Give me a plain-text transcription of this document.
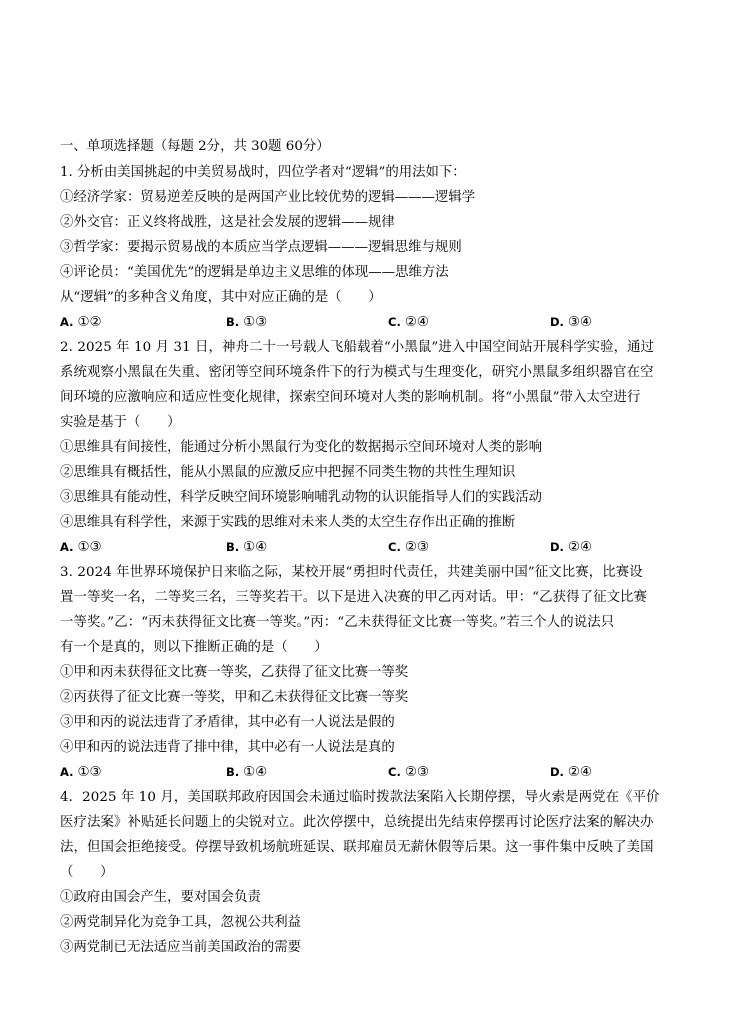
一、单项选择题（每题 2分，共 30题 60分）
1. 分析由美国挑起的中美贸易战时，四位学者对“逻辑”的用法如下：
①经济学家：贸易逆差反映的是两国产业比较优势的逻辑———逻辑学
②外交官：正义终将战胜，这是社会发展的逻辑——规律
③哲学家：要揭示贸易战的本质应当学点逻辑———逻辑思维与规则
④评论员：“美国优先”的逻辑是单边主义思维的体现——思维方法
从“逻辑”的多种含义角度，其中对应正确的是（　　）
A. ①②	B. ①③	C. ②④	D. ③④
2. 2025 年 10 月 31 日，神舟二十一号载人飞船载着“小黑鼠”进入中国空间站开展科学实验，通过
系统观察小黑鼠在失重、密闭等空间环境条件下的行为模式与生理变化，研究小黑鼠多组织器官在空
间环境的应激响应和适应性变化规律，探索空间环境对人类的影响机制。将“小黑鼠”带入太空进行
实验是基于（　　）
①思维具有间接性，能通过分析小黑鼠行为变化的数据揭示空间环境对人类的影响
②思维具有概括性，能从小黑鼠的应激反应中把握不同类生物的共性生理知识
③思维具有能动性，科学反映空间环境影响哺乳动物的认识能指导人们的实践活动
④思维具有科学性，来源于实践的思维对未来人类的太空生存作出正确的推断
A. ①③	B. ①④	C. ②③	D. ②④
3. 2024 年世界环境保护日来临之际，某校开展“勇担时代责任，共建美丽中国”征文比赛，比赛设
置一等奖一名，二等奖三名，三等奖若干。以下是进入决赛的甲乙丙对话。甲：“乙获得了征文比赛
一等奖。”乙：“丙未获得征文比赛一等奖。”丙：“乙未获得征文比赛一等奖。”若三个人的说法只
有一个是真的，则以下推断正确的是（　　）
①甲和丙未获得征文比赛一等奖，乙获得了征文比赛一等奖
②丙获得了征文比赛一等奖，甲和乙未获得征文比赛一等奖
③甲和丙的说法违背了矛盾律，其中必有一人说法是假的
④甲和丙的说法违背了排中律，其中必有一人说法是真的
A. ①③	B. ①④	C. ②③	D. ②④
4．2025 年 10 月，美国联邦政府因国会未通过临时拨款法案陷入长期停摆，导火索是两党在《平价
医疗法案》补贴延长问题上的尖锐对立。此次停摆中，总统提出先结束停摆再讨论医疗法案的解决办
法，但国会拒绝接受。停摆导致机场航班延误、联邦雇员无薪休假等后果。这一事件集中反映了美国
（　　）
①政府由国会产生，要对国会负责
②两党制异化为竞争工具，忽视公共利益
③两党制已无法适应当前美国政治的需要
